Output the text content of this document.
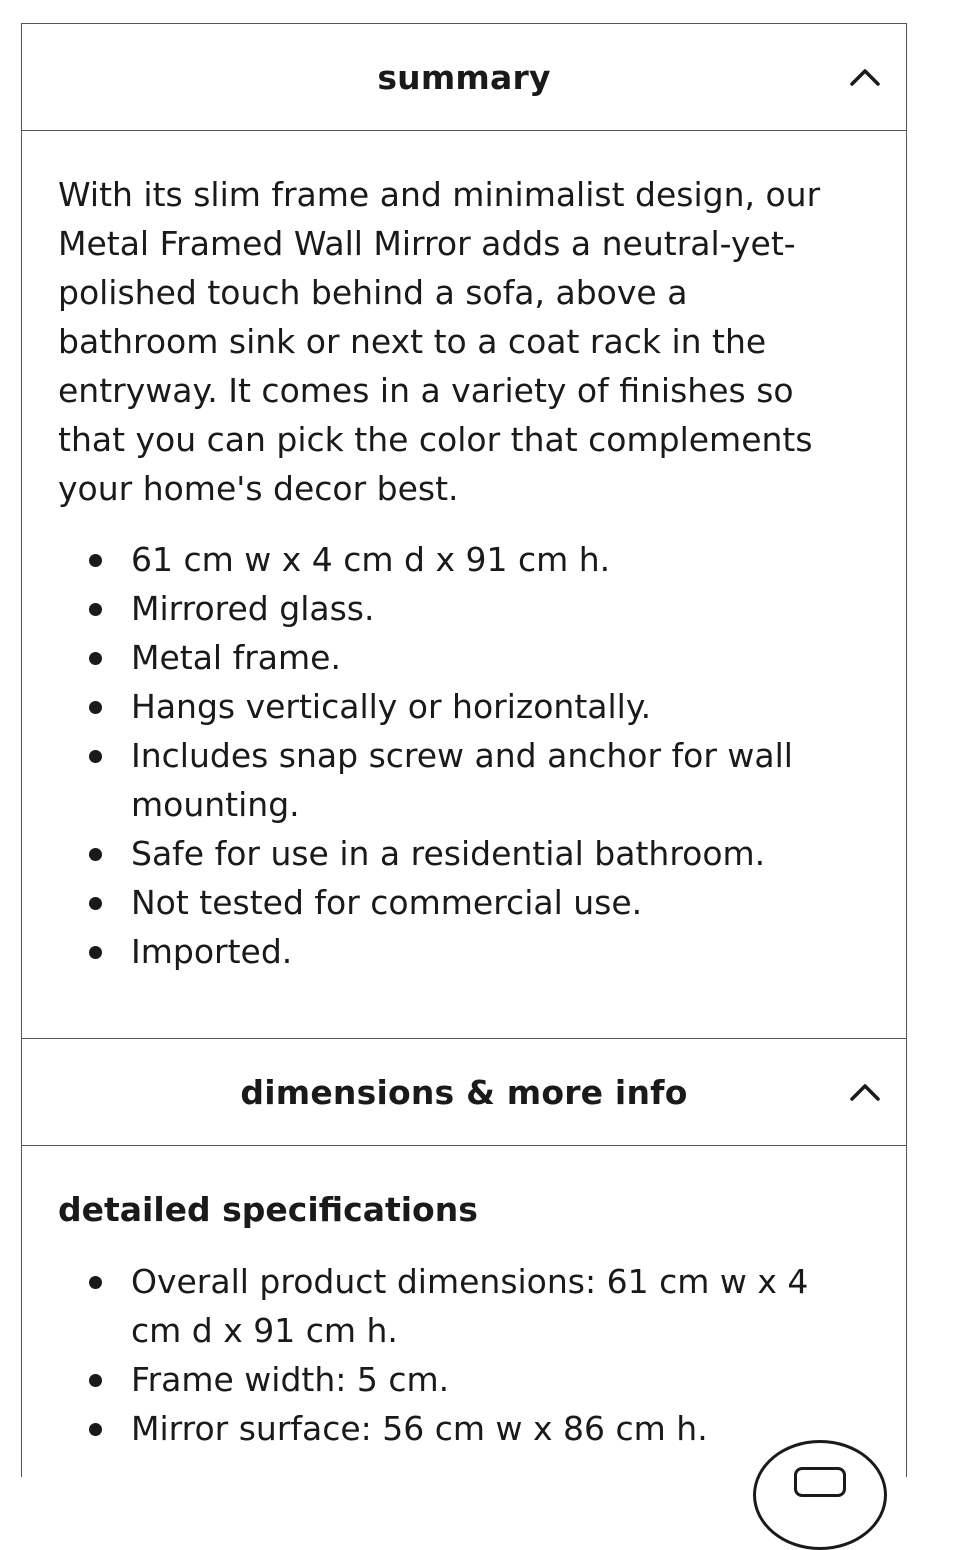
summary

With its slim frame and minimalist design, our Metal Framed Wall Mirror adds a neutral-yet-polished touch behind a sofa, above a bathroom sink or next to a coat rack in the entryway. It comes in a variety of finishes so that you can pick the color that complements your home's decor best.

61 cm w x 4 cm d x 91 cm h.
Mirrored glass.
Metal frame.
Hangs vertically or horizontally.
Includes snap screw and anchor for wall mounting.
Safe for use in a residential bathroom.
Not tested for commercial use.
Imported.
dimensions & more info
detailed specifications
Overall product dimensions: 61 cm w x 4 cm d x 91 cm h.
Frame width: 5 cm.
Mirror surface: 56 cm w x 86 cm h.
